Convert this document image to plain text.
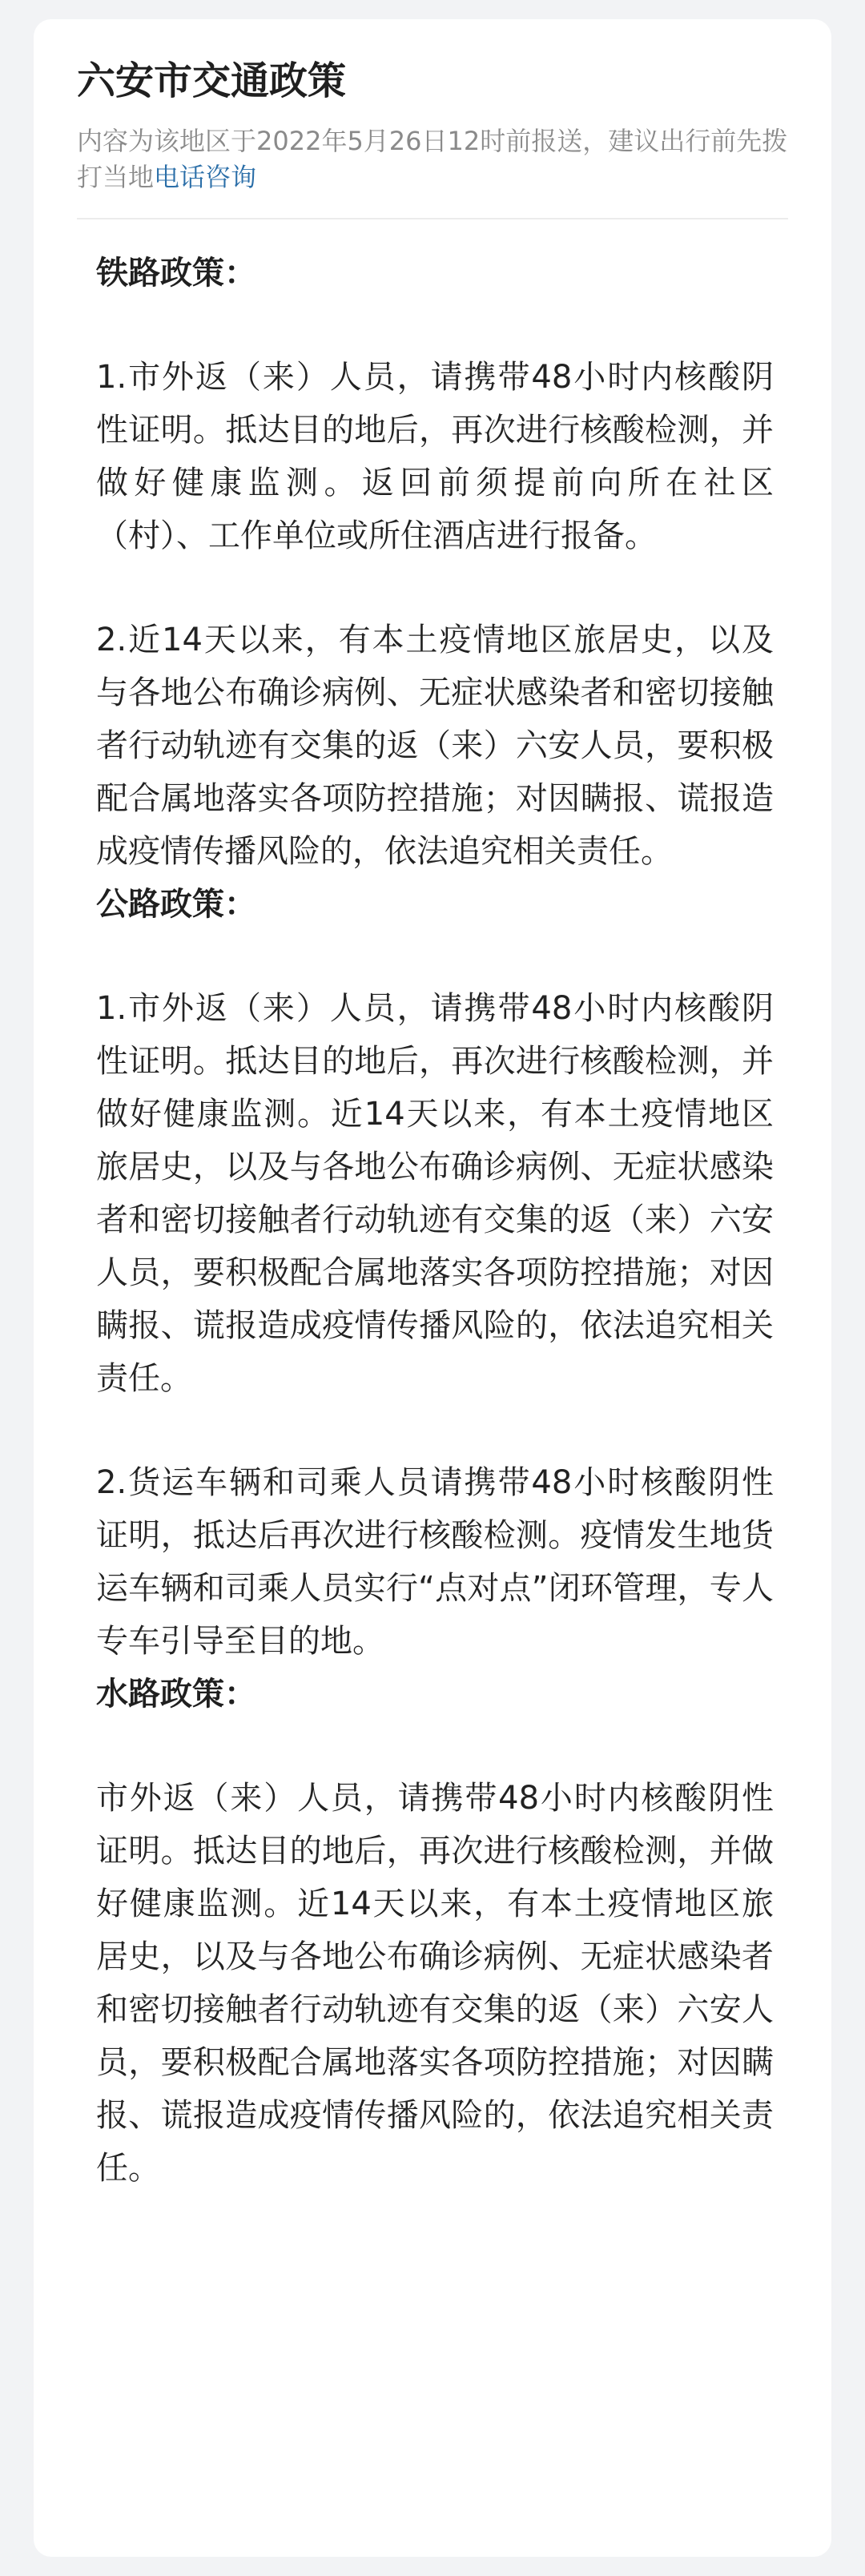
六安市交通政策
内容为该地区于2022年5月26日12时前报送，建议出行前先拨打当地电话咨询
铁路政策：

1.市外返（来）人员，请携带48小时内核酸阴性证明。抵达目的地后，再次进行核酸检测，并做好健康监测。返回前须提前向所在社区（村）、工作单位或所住酒店进行报备。

2.近14天以来，有本土疫情地区旅居史，以及与各地公布确诊病例、无症状感染者和密切接触者行动轨迹有交集的返（来）六安人员，要积极配合属地落实各项防控措施；对因瞒报、谎报造成疫情传播风险的，依法追究相关责任。

公路政策：

1.市外返（来）人员，请携带48小时内核酸阴性证明。抵达目的地后，再次进行核酸检测，并做好健康监测。近14天以来，有本土疫情地区旅居史，以及与各地公布确诊病例、无症状感染者和密切接触者行动轨迹有交集的返（来）六安人员，要积极配合属地落实各项防控措施；对因瞒报、谎报造成疫情传播风险的，依法追究相关责任。

2.货运车辆和司乘人员请携带48小时核酸阴性证明，抵达后再次进行核酸检测。疫情发生地货运车辆和司乘人员实行“点对点”闭环管理，专人专车引导至目的地。

水路政策：

市外返（来）人员，请携带48小时内核酸阴性证明。抵达目的地后，再次进行核酸检测，并做好健康监测。近14天以来，有本土疫情地区旅居史，以及与各地公布确诊病例、无症状感染者和密切接触者行动轨迹有交集的返（来）六安人员，要积极配合属地落实各项防控措施；对因瞒报、谎报造成疫情传播风险的，依法追究相关责任。
